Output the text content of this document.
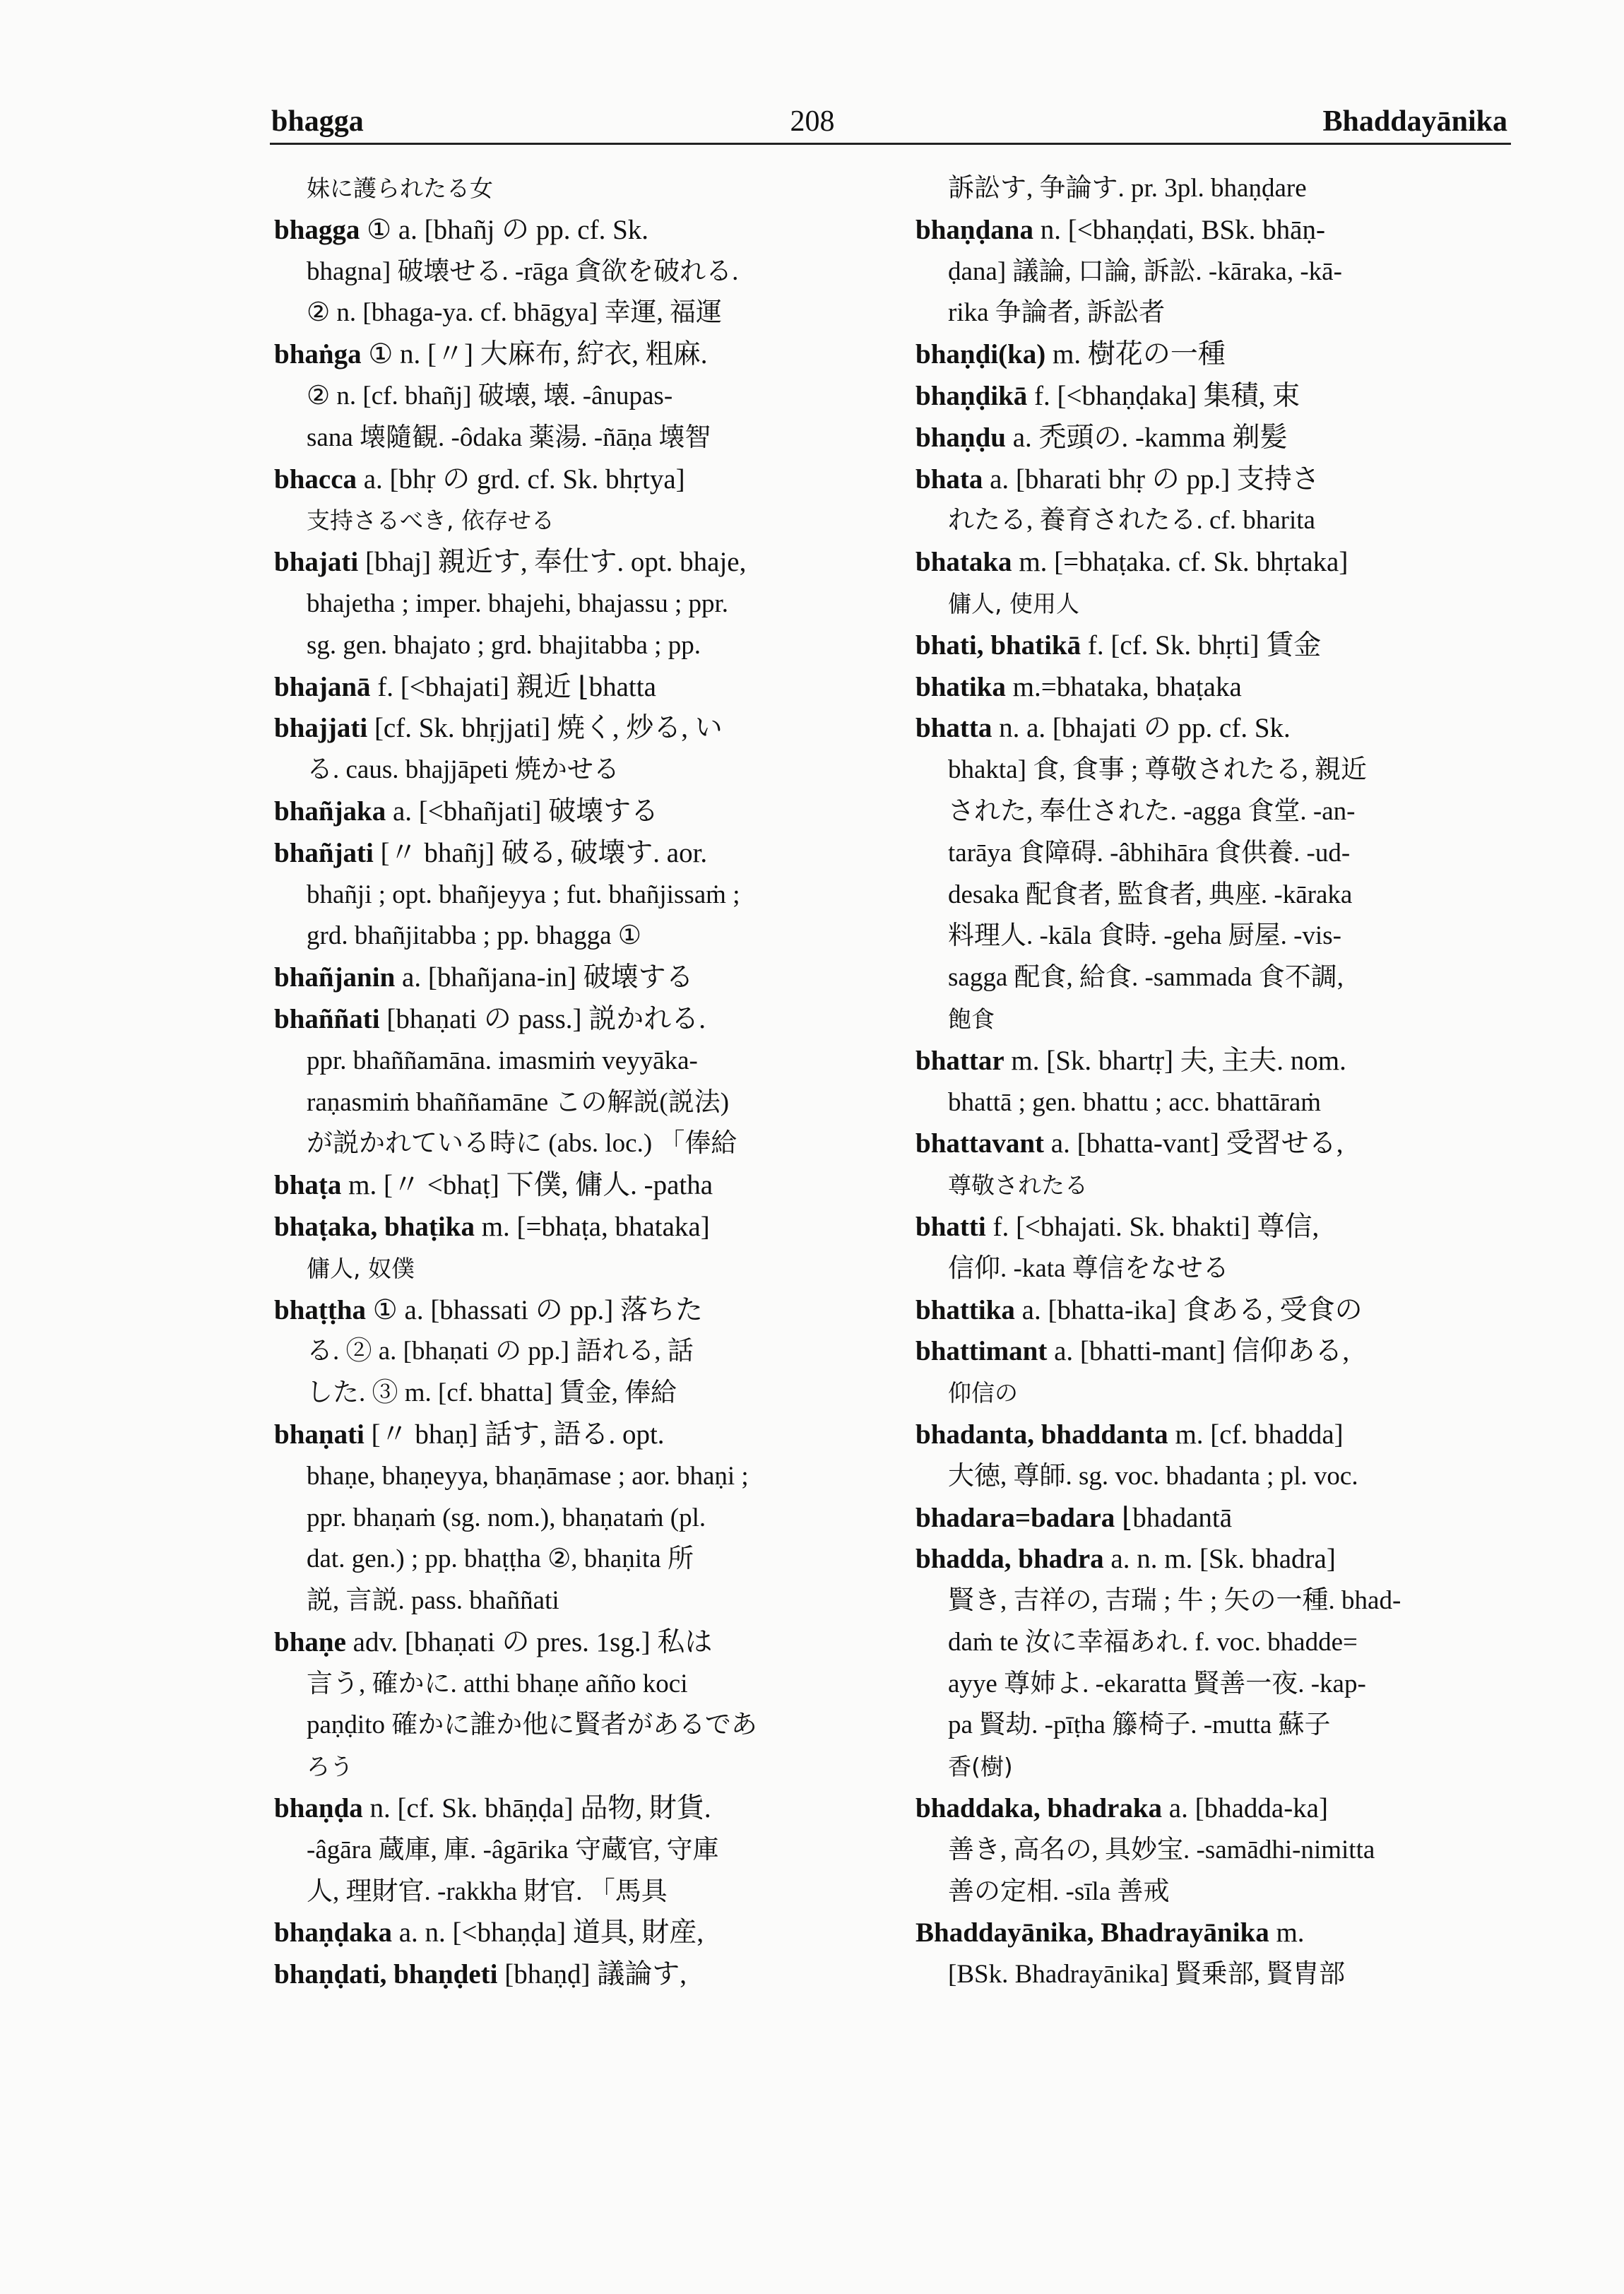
bhagga	208	Bhaddayānika
妹に護られたる女
bhagga ① a. [bhañj の pp. cf. Sk.
bhagna] 破壊せる. -rāga 貪欲を破れる.
② n. [bhaga-ya. cf. bhāgya] 幸運, 福運
bhaṅga ① n. [〃] 大麻布, 紵衣, 粗麻.
② n. [cf. bhañj] 破壊, 壊. -ânupas-
sana 壊隨観. -ôdaka 薬湯. -ñāṇa 壊智
bhacca a. [bhṛ の grd. cf. Sk. bhṛtya]
支持さるべき, 依存せる
bhajati [bhaj] 親近す, 奉仕す. opt. bhaje,
bhajetha ; imper. bhajehi, bhajassu ; ppr.
sg. gen. bhajato ; grd. bhajitabba ; pp.
bhajanā f. [<bhajati] 親近 ⌊bhatta
bhajjati [cf. Sk. bhṛjjati] 焼く, 炒る, い
る. caus. bhajjāpeti 焼かせる
bhañjaka a. [<bhañjati] 破壊する
bhañjati [〃 bhañj] 破る, 破壊す. aor.
bhañji ; opt. bhañjeyya ; fut. bhañjissaṁ ;
grd. bhañjitabba ; pp. bhagga ①
bhañjanin a. [bhañjana-in] 破壊する
bhaññati [bhaṇati の pass.] 説かれる.
ppr. bhaññamāna. imasmiṁ veyyāka-
raṇasmiṁ bhaññamāne この解説(説法)
が説かれている時に (abs. loc.) 「俸給
bhaṭa m. [〃 <bhaṭ] 下僕, 傭人. -patha
bhaṭaka, bhaṭika m. [=bhaṭa, bhataka]
傭人, 奴僕
bhaṭṭha ① a. [bhassati の pp.] 落ちた
る. ② a. [bhaṇati の pp.] 語れる, 話
した. ③ m. [cf. bhatta] 賃金, 俸給
bhaṇati [〃 bhaṇ] 話す, 語る. opt.
bhaṇe, bhaṇeyya, bhaṇāmase ; aor. bhaṇi ;
ppr. bhaṇaṁ (sg. nom.), bhaṇataṁ (pl.
dat. gen.) ; pp. bhaṭṭha ②, bhaṇita 所
説, 言説. pass. bhaññati
bhaṇe adv. [bhaṇati の pres. 1sg.] 私は
言う, 確かに. atthi bhaṇe añño koci
paṇḍito 確かに誰か他に賢者があるであ
ろう
bhaṇḍa n. [cf. Sk. bhāṇḍa] 品物, 財貨.
-âgāra 蔵庫, 庫. -âgārika 守蔵官, 守庫
人, 理財官. -rakkha 財官. 「馬具
bhaṇḍaka a. n. [<bhaṇḍa] 道具, 財産,
bhaṇḍati, bhaṇḍeti [bhaṇḍ] 議論す,
訴訟す, 争論す. pr. 3pl. bhaṇḍare
bhaṇḍana n. [<bhaṇḍati, BSk. bhāṇ-
ḍana] 議論, 口論, 訴訟. -kāraka, -kā-
rika 争論者, 訴訟者
bhaṇḍi(ka) m. 樹花の一種
bhaṇḍikā f. [<bhaṇḍaka] 集積, 束
bhaṇḍu a. 禿頭の. -kamma 剃髪
bhata a. [bharati bhṛ の pp.] 支持さ
れたる, 養育されたる. cf. bharita
bhataka m. [=bhaṭaka. cf. Sk. bhṛtaka]
傭人, 使用人
bhati, bhatikā f. [cf. Sk. bhṛti] 賃金
bhatika m.=bhataka, bhaṭaka
bhatta n. a. [bhajati の pp. cf. Sk.
bhakta] 食, 食事 ; 尊敬されたる, 親近
された, 奉仕された. -agga 食堂. -an-
tarāya 食障碍. -âbhihāra 食供養. -ud-
desaka 配食者, 監食者, 典座. -kāraka
料理人. -kāla 食時. -geha 厨屋. -vis-
sagga 配食, 給食. -sammada 食不調,
飽食
bhattar m. [Sk. bhartṛ] 夫, 主夫. nom.
bhattā ; gen. bhattu ; acc. bhattāraṁ
bhattavant a. [bhatta-vant] 受習せる,
尊敬されたる
bhatti f. [<bhajati. Sk. bhakti] 尊信,
信仰. -kata 尊信をなせる
bhattika a. [bhatta-ika] 食ある, 受食の
bhattimant a. [bhatti-mant] 信仰ある,
仰信の
bhadanta, bhaddanta m. [cf. bhadda]
大徳, 尊師. sg. voc. bhadanta ; pl. voc.
bhadara=badara ⌊bhadantā
bhadda, bhadra a. n. m. [Sk. bhadra]
賢き, 吉祥の, 吉瑞 ; 牛 ; 矢の一種. bhad-
daṁ te 汝に幸福あれ. f. voc. bhadde=
ayye 尊姉よ. -ekaratta 賢善一夜. -kap-
pa 賢劫. -pīṭha 籐椅子. -mutta 蘇子
香(樹)
bhaddaka, bhadraka a. [bhadda-ka]
善き, 高名の, 具妙宝. -samādhi-nimitta
善の定相. -sīla 善戒
Bhaddayānika, Bhadrayānika m.
[BSk. Bhadrayānika] 賢乗部, 賢胄部
